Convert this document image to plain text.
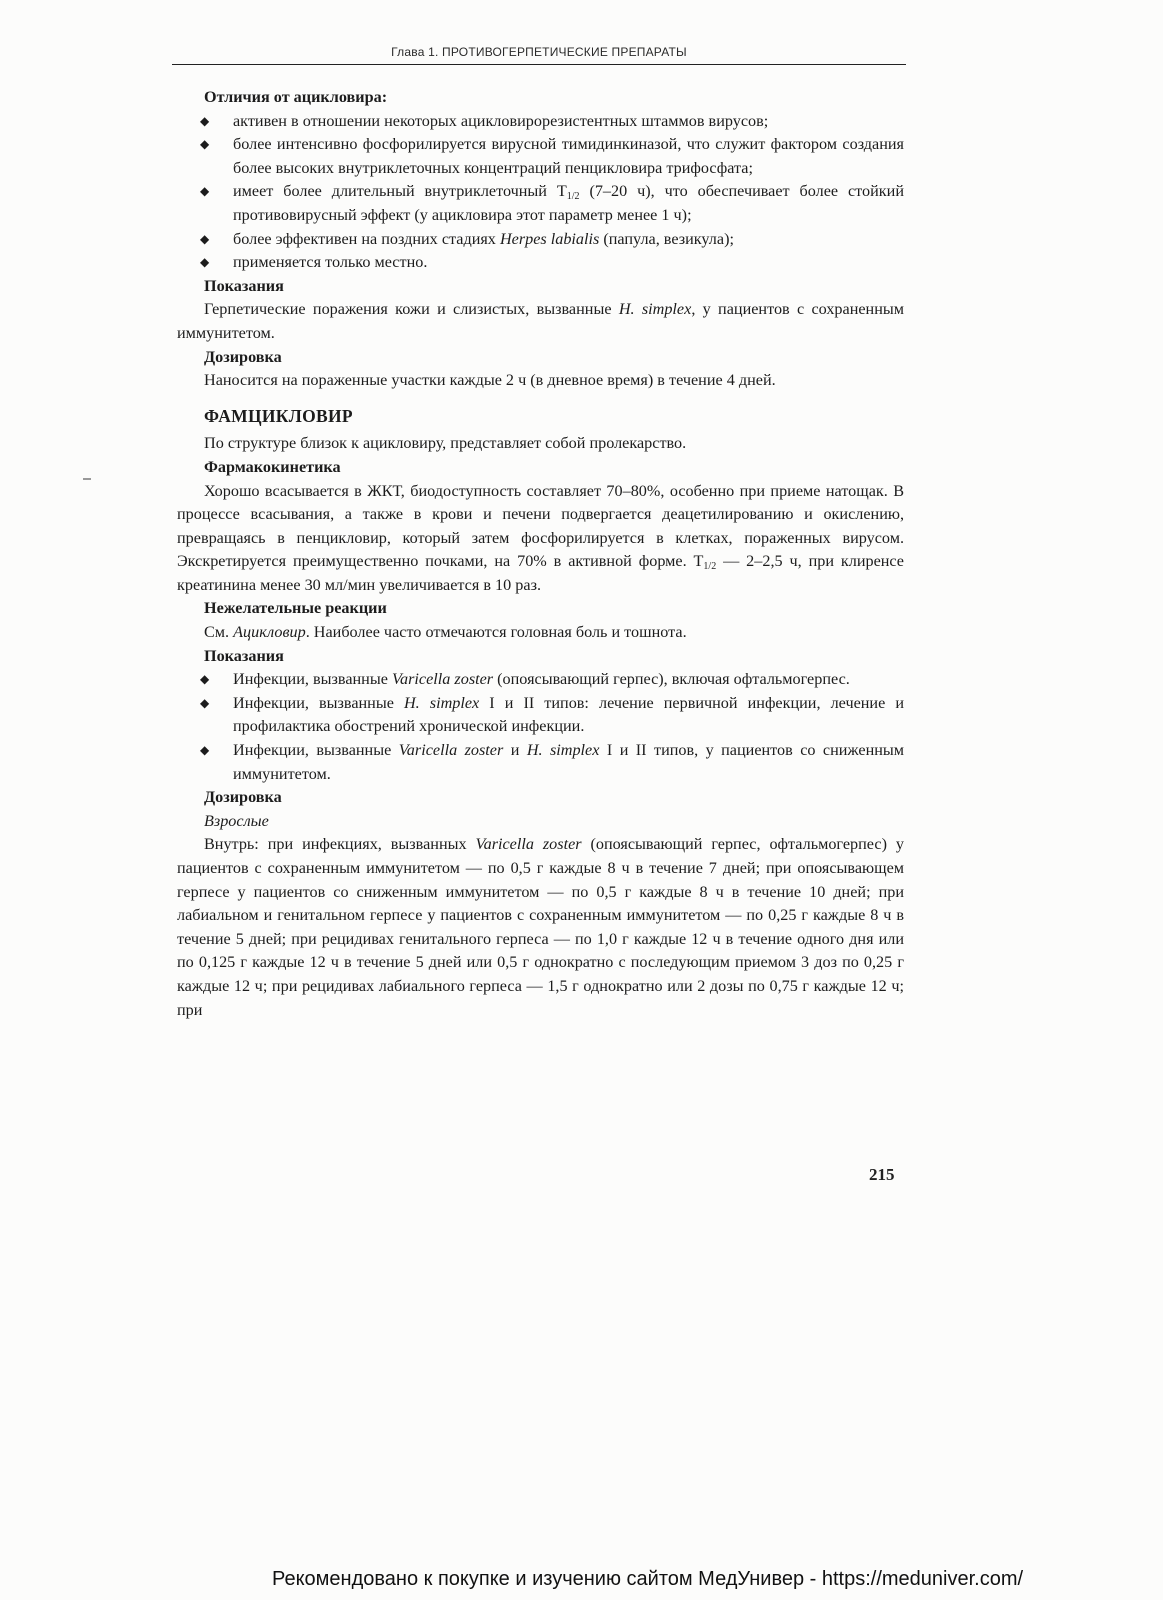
Глава 1. ПРОТИВОГЕРПЕТИЧЕСКИЕ ПРЕПАРАТЫ

Отличия от ацикловира:

◆ активен в отношении некоторых ацикловирорезистентных штаммов вирусов;
◆ более интенсивно фосфорилируется вирусной тимидинкиназой, что служит фактором создания более высоких внутриклеточных концентраций пенцикловира трифосфата;
◆ имеет более длительный внутриклеточный $T_{1/2}$ (7–20 ч), что обеспечивает более стойкий противовирусный эффект (у ацикловира этот параметр менее 1 ч);
◆ более эффективен на поздних стадиях Herpes labialis (папула, везикула);
◆ применяется только местно.

Показания

Герпетические поражения кожи и слизистых, вызванные H. simplex, у пациентов с сохраненным иммунитетом.

Дозировка

Наносится на пораженные участки каждые 2 ч (в дневное время) в течение 4 дней.

ФАМЦИКЛОВИР

По структуре близок к ацикловиру, представляет собой пролекарство.

Фармакокинетика

Хорошо всасывается в ЖКТ, биодоступность составляет 70–80%, особенно при приеме натощак. В процессе всасывания, а также в крови и печени подвергается деацетилированию и окислению, превращаясь в пенцикловир, который затем фосфорилируется в клетках, пораженных вирусом. Экскретируется преимущественно почками, на 70% в активной форме. $T_{1/2}$ — 2–2,5 ч, при клиренсе креатинина менее 30 мл/мин увеличивается в 10 раз.

Нежелательные реакции

См. Ацикловир. Наиболее часто отмечаются головная боль и тошнота.

Показания

◆ Инфекции, вызванные Varicella zoster (опоясывающий герпес), включая офтальмогерпес.
◆ Инфекции, вызванные H. simplex I и II типов: лечение первичной инфекции, лечение и профилактика обострений хронической инфекции.
◆ Инфекции, вызванные Varicella zoster и H. simplex I и II типов, у пациентов со сниженным иммунитетом.

Дозировка

Взрослые

Внутрь: при инфекциях, вызванных Varicella zoster (опоясывающий герпес, офтальмогерпес) у пациентов с сохраненным иммунитетом — по 0,5 г каждые 8 ч в течение 7 дней; при опоясывающем герпесе у пациентов со сниженным иммунитетом — по 0,5 г каждые 8 ч в течение 10 дней; при лабиальном и генитальном герпесе у пациентов с сохраненным иммунитетом — по 0,25 г каждые 8 ч в течение 5 дней; при рецидивах генитального герпеса — по 1,0 г каждые 12 ч в течение одного дня или по 0,125 г каждые 12 ч в течение 5 дней или 0,5 г однократно с последующим приемом 3 доз по 0,25 г каждые 12 ч; при рецидивах лабиального герпеса — 1,5 г однократно или 2 дозы по 0,75 г каждые 12 ч; при

215
Рекомендовано к покупке и изучению сайтом МедУнивер - https://meduniver.com/
